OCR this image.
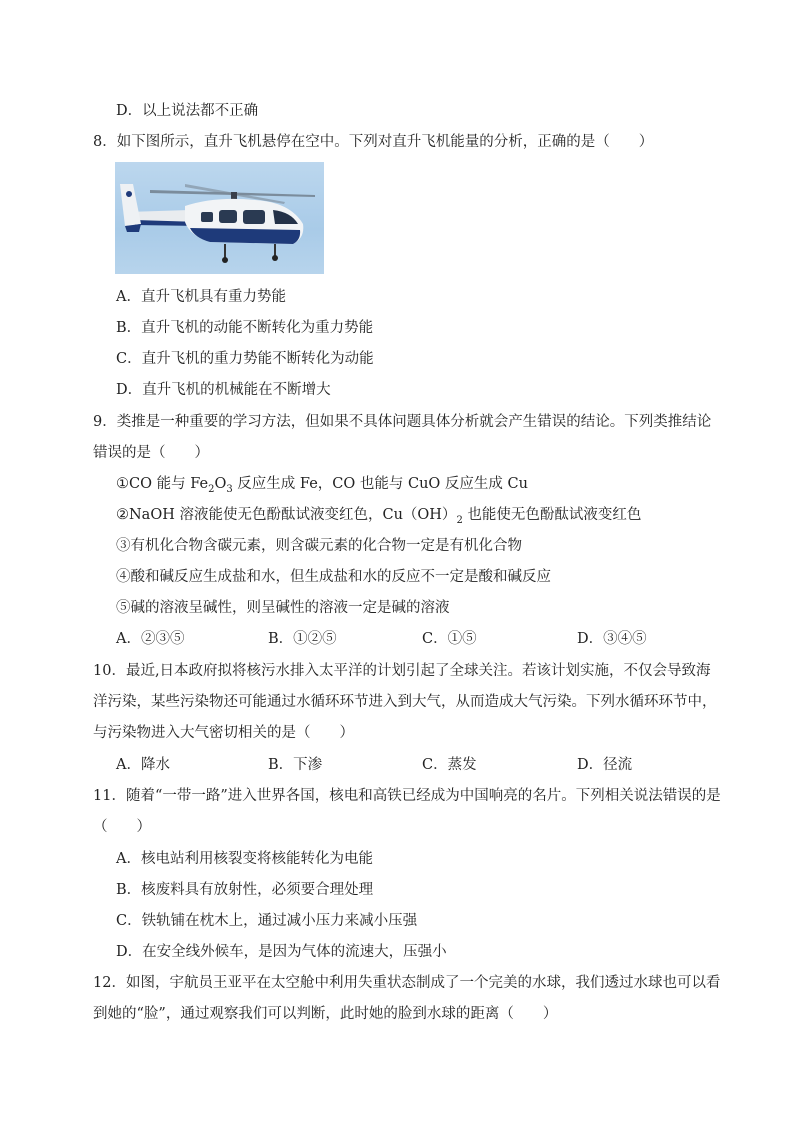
D．以上说法都不正确
8．如下图所示，直升飞机悬停在空中。下列对直升飞机能量的分析，正确的是（　　）
A．直升飞机具有重力势能
B．直升飞机的动能不断转化为重力势能
C．直升飞机的重力势能不断转化为动能
D．直升飞机的机械能在不断增大
9．类推是一种重要的学习方法，但如果不具体问题具体分析就会产生错误的结论。下列类推结论
错误的是（　　）
①CO 能与 $Fe_2O_3$ 反应生成 Fe，CO 也能与 CuO 反应生成 Cu
②NaOH 溶液能使无色酚酞试液变红色，$Cu(OH)_2$ 也能使无色酚酞试液变红色
③有机化合物含碳元素，则含碳元素的化合物一定是有机化合物
④酸和碱反应生成盐和水，但生成盐和水的反应不一定是酸和碱反应
⑤碱的溶液呈碱性，则呈碱性的溶液一定是碱的溶液
A．②③⑤	B．①②⑤	C．①⑤	D．③④⑤
10．最近,日本政府拟将核污水排入太平洋的计划引起了全球关注。若该计划实施，不仅会导致海
洋污染，某些污染物还可能通过水循环环节进入到大气，从而造成大气污染。下列水循环环节中，
与污染物进入大气密切相关的是（　　）
A．降水	B．下渗	C．蒸发	D．径流
11．随着“一带一路”进入世界各国，核电和高铁已经成为中国响亮的名片。下列相关说法错误的是
（　　）
A．核电站利用核裂变将核能转化为电能
B．核废料具有放射性，必须要合理处理
C．铁轨铺在枕木上，通过减小压力来减小压强
D．在安全线外候车，是因为气体的流速大，压强小
12．如图，宇航员王亚平在太空舱中利用失重状态制成了一个完美的水球，我们透过水球也可以看
到她的“脸”，通过观察我们可以判断，此时她的脸到水球的距离（　　）
